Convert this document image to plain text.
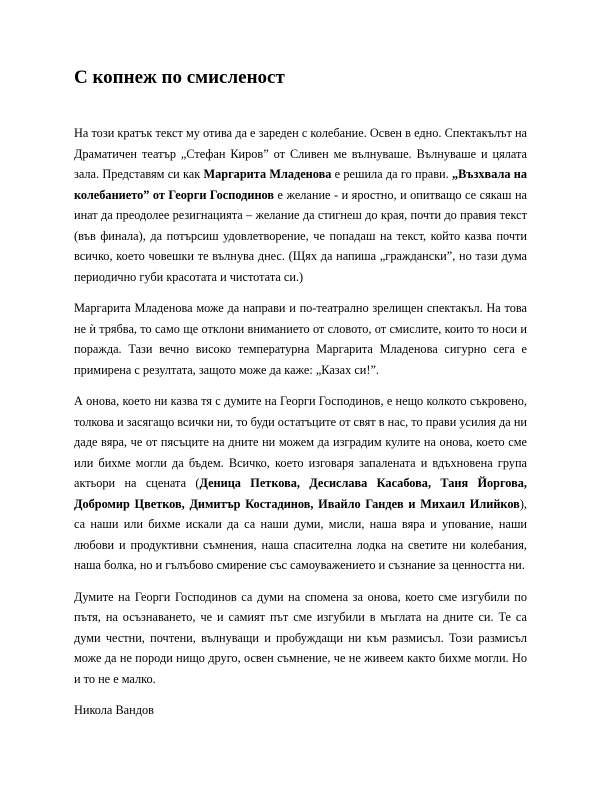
С копнеж по смисленост

На този кратък текст му отива да е зареден с колебание. Освен в едно. Спектакълът на Драматичен театър „Стефан Киров” от Сливен ме вълнуваше. Вълнуваше и цялата зала. Представям си как Маргарита Младенова е решила да го прави. „Възхвала на колебанието” от Георги Господинов е желание - и яростно, и опитващо се сякаш на инат да преодолее резигнацията – желание да стигнеш до края, почти до правия текст (във финала), да потърсиш удовлетворение, че попадаш на текст, който казва почти всичко, което човешки те вълнува днес. (Щях да напиша „граждански”, но тази дума периодично губи красотата и чистотата си.)

Маргарита Младенова може да направи и по-театрално зрелищен спектакъл. На това не ѝ трябва, то само ще отклони вниманието от словото, от смислите, които то носи и поражда. Тази вечно високо температурна Маргарита Младенова сигурно сега е примирена с резултата, защото може да каже: „Казах си!”.

А онова, което ни казва тя с думите на Георги Господинов, е нещо колкото съкровено, толкова и засягащо всички ни, то буди остатъците от свят в нас, то прави усилия да ни даде вяра, че от пясъците на дните ни можем да изградим кулите на онова, което сме или бихме могли да бъдем. Всичко, което изговаря запалената и вдъхновена група актьори на сцената (Деница Петкова, Десислава Касабова, Таня Йоргова, Добромир Цветков, Димитър Костадинов, Ивайло Гандев и Михаил Илийков), са наши или бихме искали да са наши думи, мисли, наша вяра и упование, наши любови и продуктивни съмнения, наша спасителна лодка на светите ни колебания, наша болка, но и гълъбово смирение със самоуважението и съзнание за ценността ни.

Думите на Георги Господинов са думи на спомена за онова, което сме изгубили по пътя, на осъзнаването, че и самият път сме изгубили в мъглата на дните си. Те са думи честни, почтени, вълнуващи и пробуждащи ни към размисъл. Този размисъл може да не породи нищо друго, освен съмнение, че не живеем както бихме могли. Но и то не е малко.

Никола Вандов
